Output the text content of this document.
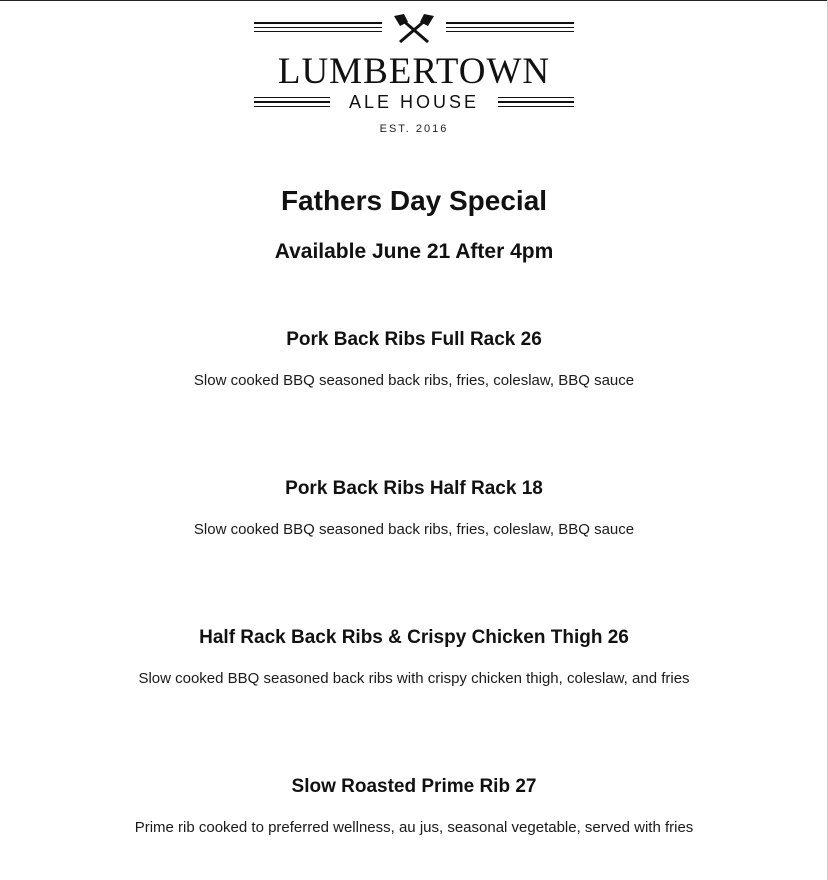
LUMBERTOWN
ALE HOUSE
EST. 2016
Fathers Day Special
Available June 21 After 4pm
Pork Back Ribs Full Rack 26
Slow cooked BBQ seasoned back ribs, fries, coleslaw, BBQ sauce
Pork Back Ribs Half Rack 18
Slow cooked BBQ seasoned back ribs, fries, coleslaw, BBQ sauce
Half Rack Back Ribs & Crispy Chicken Thigh 26
Slow cooked BBQ seasoned back ribs with crispy chicken thigh, coleslaw, and fries
Slow Roasted Prime Rib 27
Prime rib cooked to preferred wellness, au jus, seasonal vegetable, served with fries
